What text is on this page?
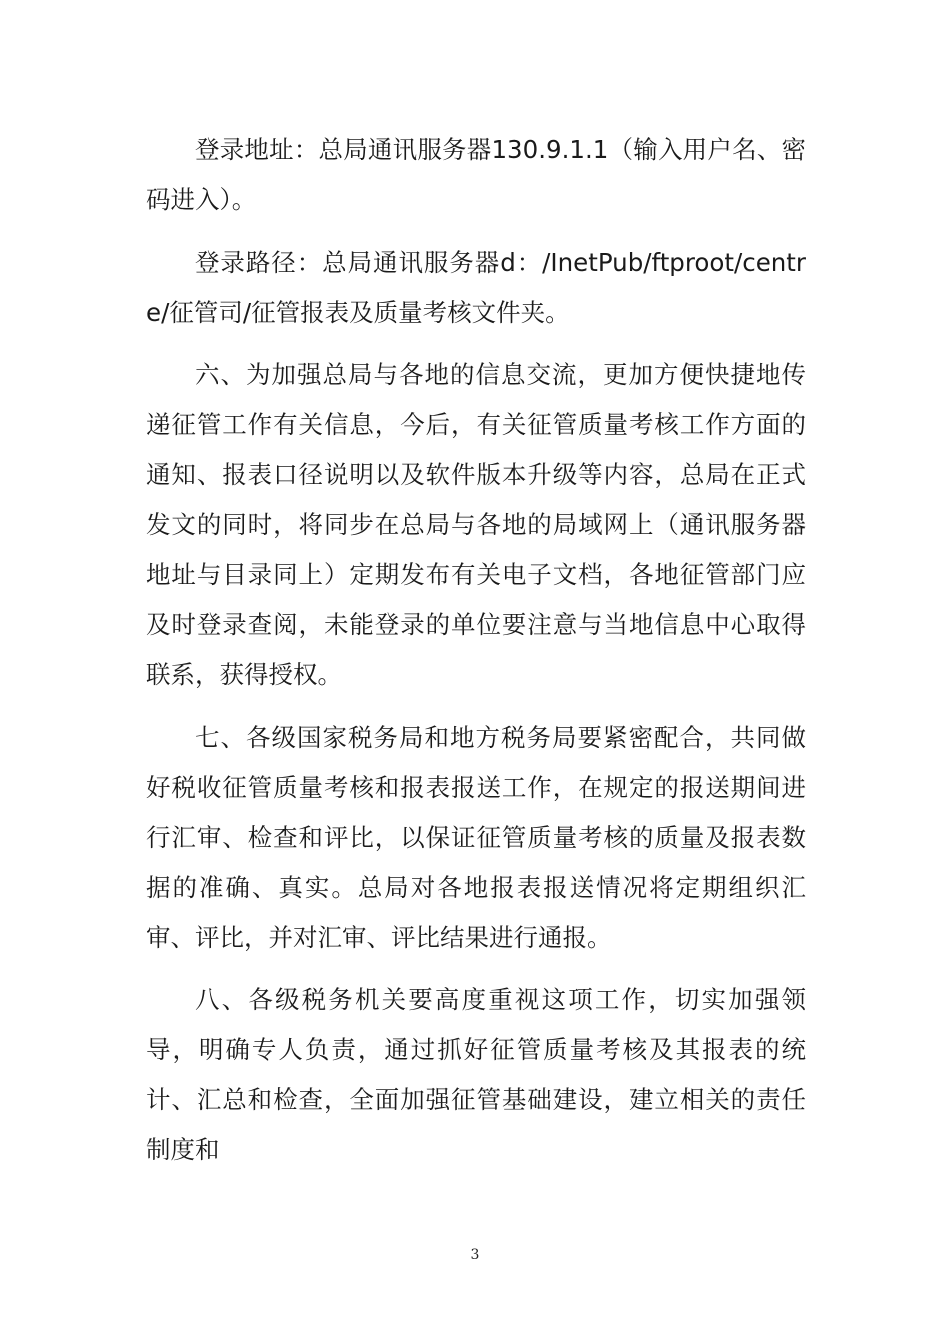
登录地址：总局通讯服务器130.9.1.1（输入用户名、密码进入）。

登录路径：总局通讯服务器d：/InetPub/ftproot/centre/征管司/征管报表及质量考核文件夹。

六、为加强总局与各地的信息交流，更加方便快捷地传递征管工作有关信息，今后，有关征管质量考核工作方面的通知、报表口径说明以及软件版本升级等内容，总局在正式发文的同时，将同步在总局与各地的局域网上（通讯服务器地址与目录同上）定期发布有关电子文档，各地征管部门应及时登录查阅，未能登录的单位要注意与当地信息中心取得联系，获得授权。

七、各级国家税务局和地方税务局要紧密配合，共同做好税收征管质量考核和报表报送工作，在规定的报送期间进行汇审、检查和评比，以保证征管质量考核的质量及报表数据的准确、真实。总局对各地报表报送情况将定期组织汇审、评比，并对汇审、评比结果进行通报。

八、各级税务机关要高度重视这项工作，切实加强领导，明确专人负责，通过抓好征管质量考核及其报表的统计、汇总和检查，全面加强征管基础建设，建立相关的责任制度和

3
